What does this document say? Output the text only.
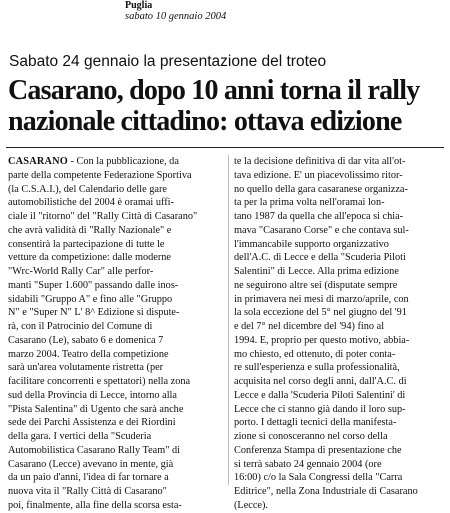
Puglia
sabato 10 gennaio 2004
Sabato 24 gennaio la presentazione del troteo
Casarano, dopo 10 anni torna il rally
nazionale cittadino: ottava edizione
CASARANO - Con la pubblicazione, da
parte della competente Federazione Sportiva
(la C.S.A.I.), del Calendario delle gare
automobilistiche del 2004 è oramai uffi-
ciale il "ritorno" del "Rally Città di Casarano"
che avrà validità di "Rally Nazionale" e
consentirà la partecipazione di tutte le
vetture da competizione: dalle moderne
"Wrc-World Rally Car" alle perfor-
manti "Super 1.600" passando dalle inos-
sidabili "Gruppo A" e fino alle "Gruppo
N" e "Super N" L' 8^ Edizione si dispute-
rà, con il Patrocinio del Comune di
Casarano (Le), sabato 6 e domenica 7
marzo 2004. Teatro della competizione
sarà un'area volutamente ristretta (per
facilitare concorrenti e spettatori) nella zona
sud della Provincia di Lecce, intorno alla
"Pista Salentina" di Ugento che sarà anche
sede dei Parchi Assistenza e dei Riordini
della gara. I vertici della "Scuderia
Automobilistica Casarano Rally Team" di
Casarano (Lecce) avevano in mente, già
da un paio d'anni, l'idea di far tornare a
nuova vita il "Rally Città di Casarano"
poi, finalmente, alla fine della scorsa esta-
te la decisione definitiva di dar vita all'ot-
tava edizione. E' un piacevolissimo ritor-
no quello della gara casaranese organizza-
ta per la prima volta nell'oramai lon-
tano 1987 da quella che all'epoca si chia-
mava "Casarano Corse" e che contava sul-
l'immancabile supporto organizzativo
dell'A.C. di Lecce e della "Scuderia Piloti
Salentini" di Lecce. Alla prima edizione
ne seguirono altre sei (disputate sempre
in primavera nei mesi di marzo/aprile, con
la sola eccezione del 5° nel giugno del '91
e del 7° nel dicembre del '94) fino al
1994. E, proprio per questo motivo, abbia-
mo chiesto, ed ottenuto, di poter conta-
re sull'esperienza e sulla professionalità,
acquisita nel corso degli anni, dall'A.C. di
Lecce e dalla 'Scuderia Piloti Salentini' di
Lecce che ci stanno già dando il loro sup-
porto. I dettagli tecnici della manifesta-
zione si conosceranno nel corso della
Conferenza Stampa di presentazione che
si terrà sabato 24 gennaio 2004 (ore
16:00) c/o la Sala Congressi della "Carra
Editrice", nella Zona Industriale di Casarano
(Lecce).
